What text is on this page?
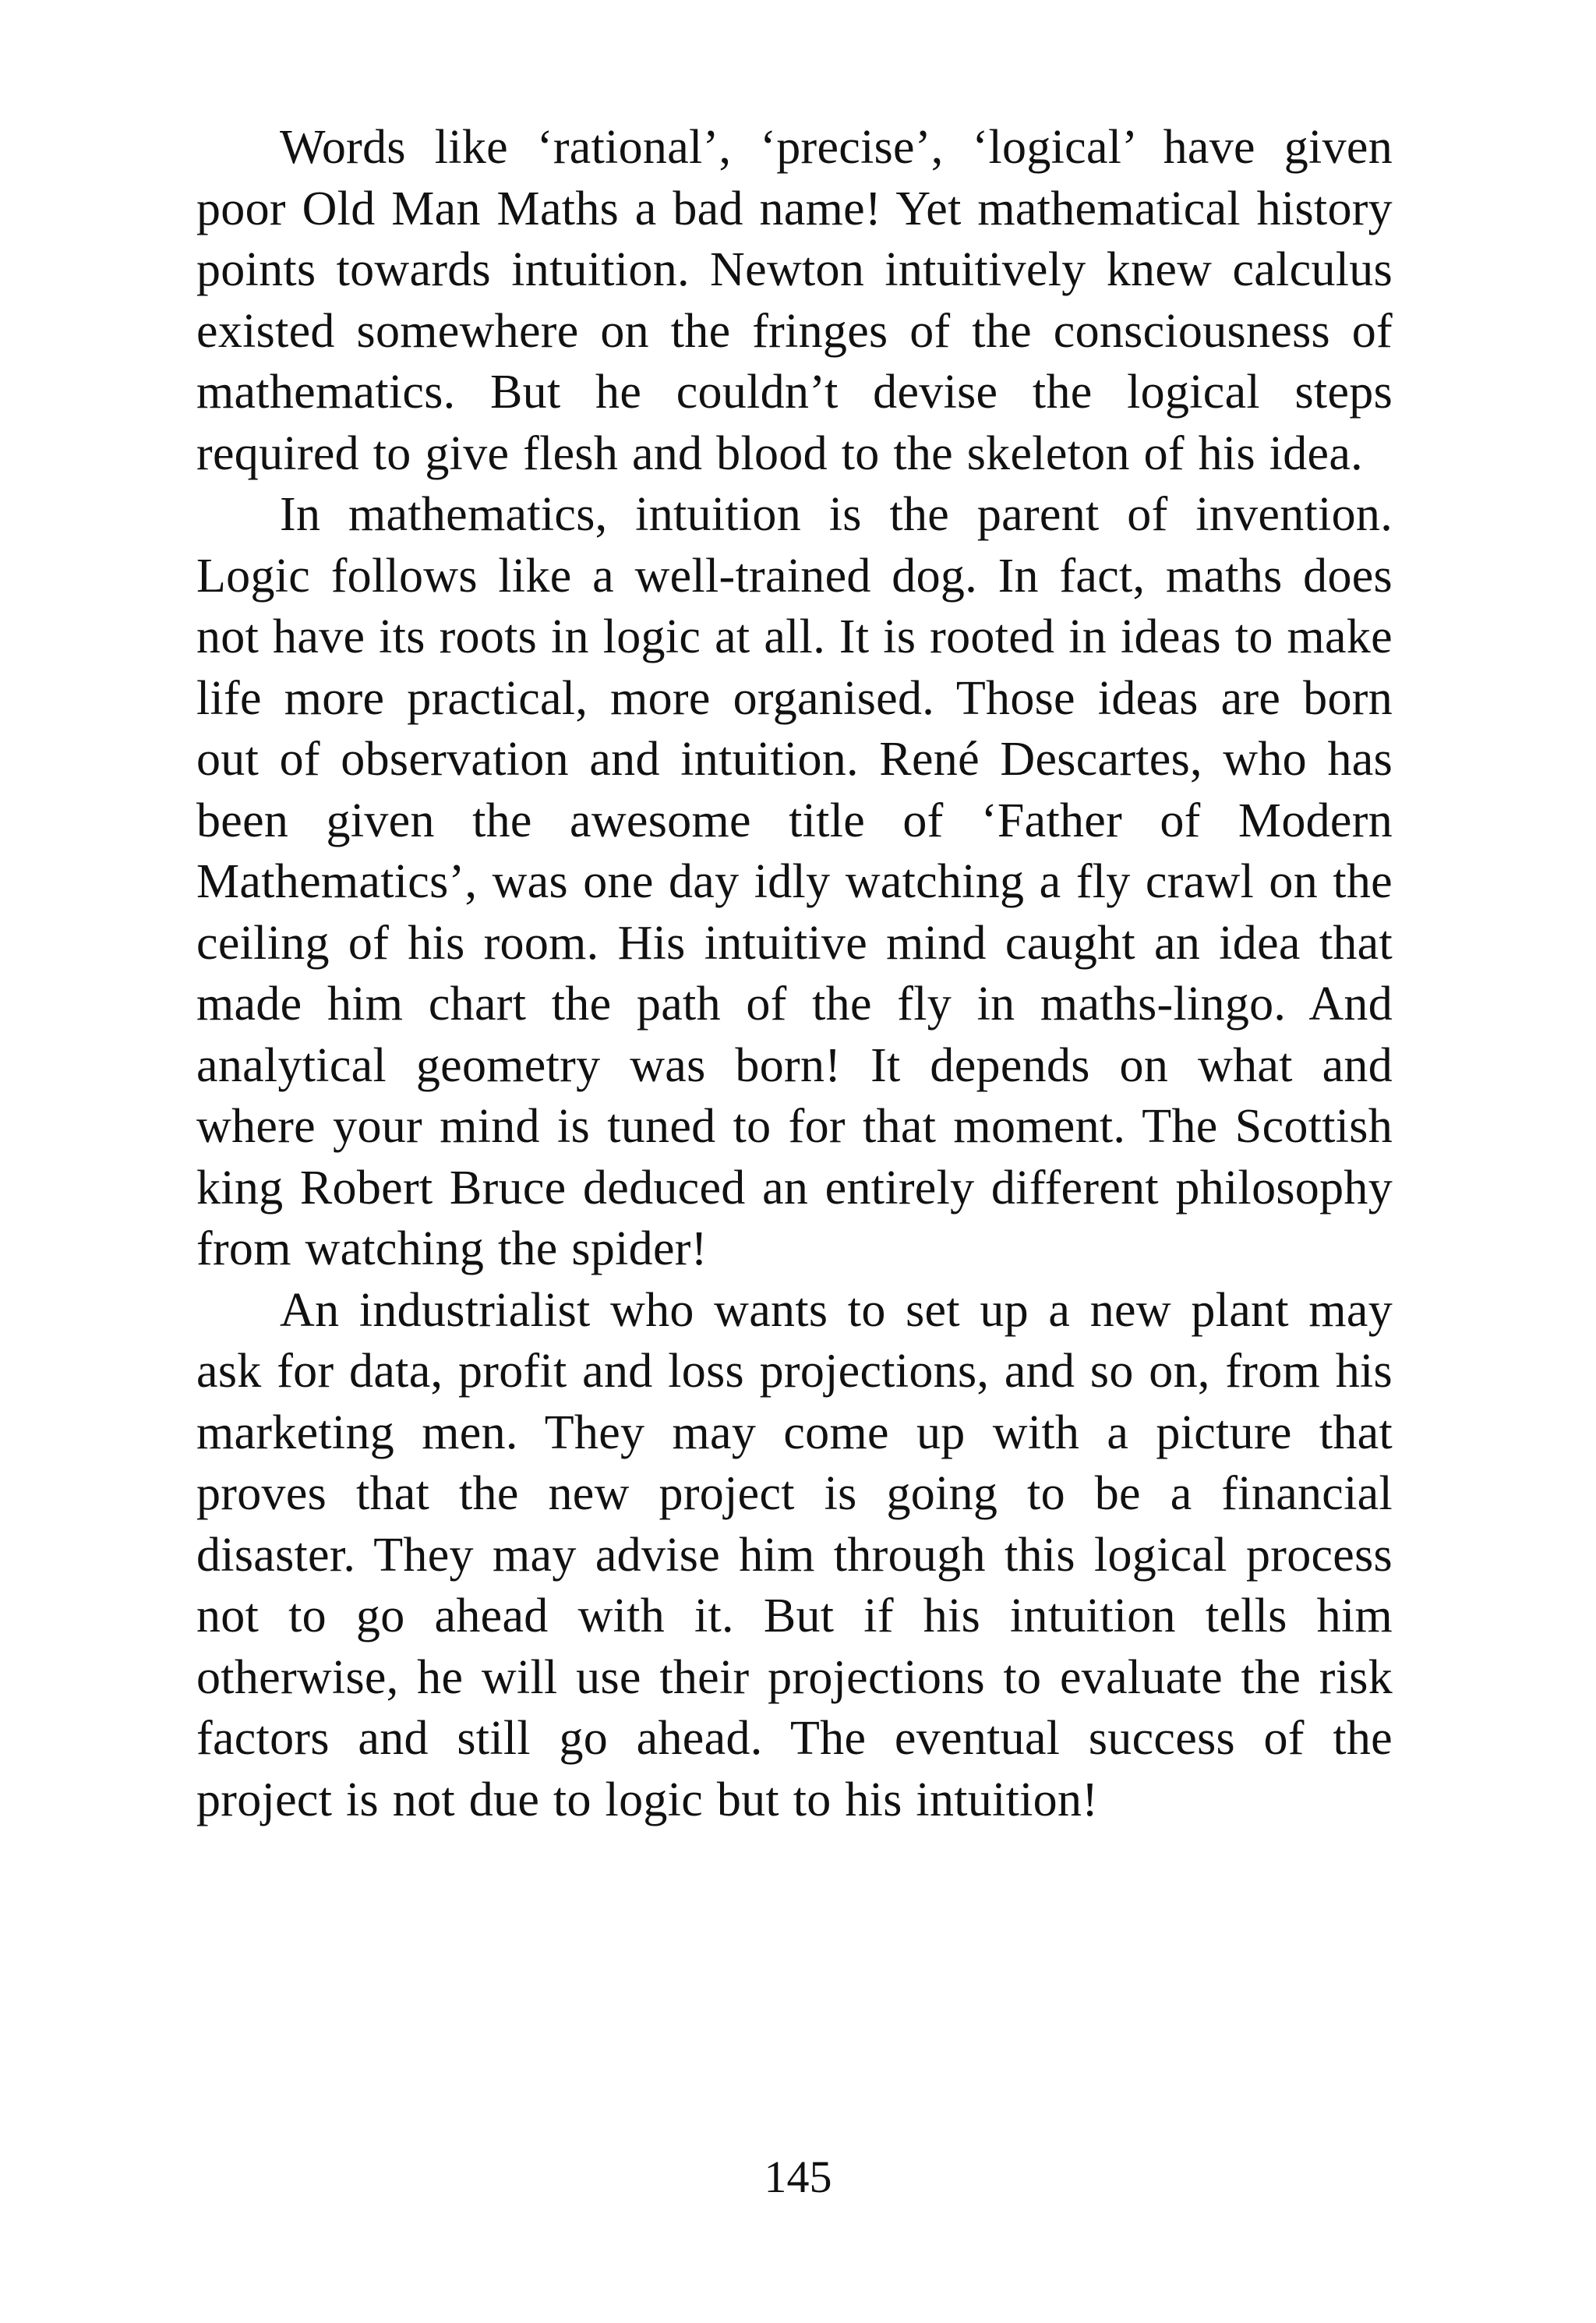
Words like ‘rational’, ‘precise’, ‘logical’ have given poor Old Man Maths a bad name! Yet mathematical history points towards intuition. Newton intuitively knew calculus existed somewhere on the fringes of the consciousness of mathematics. But he couldn’t devise the logical steps required to give flesh and blood to the skeleton of his idea.

In mathematics, intuition is the parent of invention. Logic follows like a well-trained dog. In fact, maths does not have its roots in logic at all. It is rooted in ideas to make life more practical, more organised. Those ideas are born out of observation and intuition. René Descartes, who has been given the awesome title of ‘Father of Modern Mathematics’, was one day idly watching a fly crawl on the ceiling of his room. His intuitive mind caught an idea that made him chart the path of the fly in maths-lingo. And analytical geometry was born! It depends on what and where your mind is tuned to for that moment. The Scottish king Robert Bruce deduced an entirely different philosophy from watching the spider!

An industrialist who wants to set up a new plant may ask for data, profit and loss projections, and so on, from his marketing men. They may come up with a picture that proves that the new project is going to be a financial disaster. They may advise him through this logical process not to go ahead with it. But if his intuition tells him otherwise, he will use their projections to evaluate the risk factors and still go ahead. The eventual success of the project is not due to logic but to his intuition!

145
